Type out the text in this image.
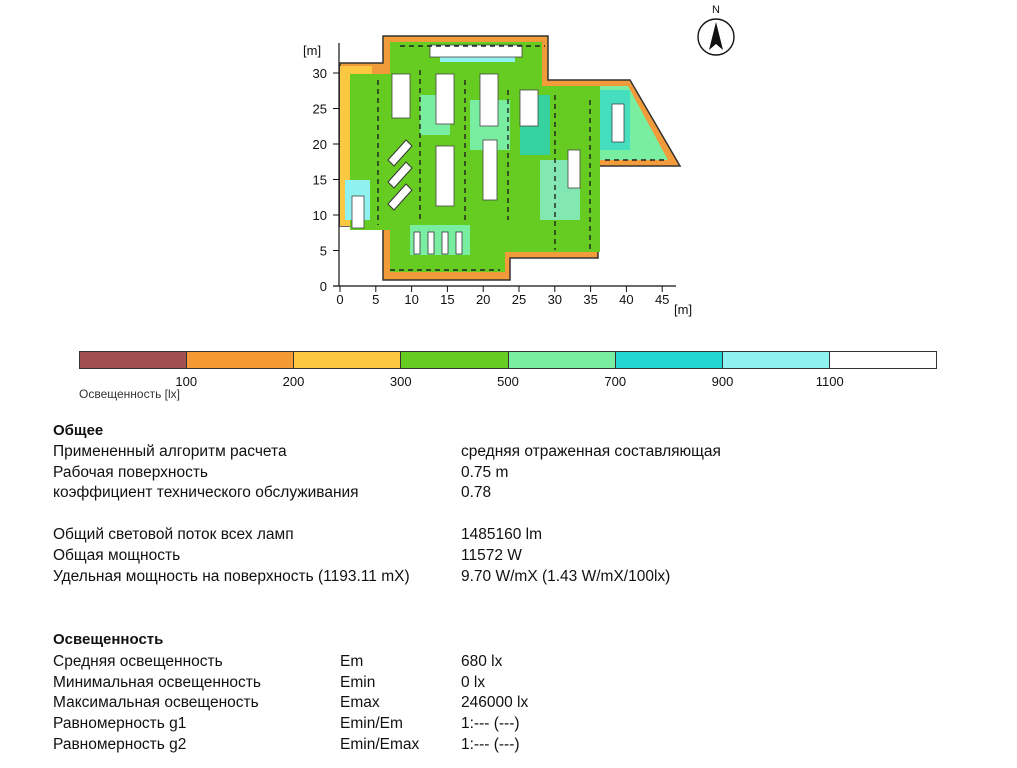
0
5
10
15
20
25
30
0 5 10 15 20 25 30 35 40 45
[m]
[m]
N
100	200	300	500	700	900	1100
Освещенность [lx]
Общее
Примененный алгоритм расчета	средняя отраженная составляющая
Рабочая поверхность	0.75 m
коэффициент технического обслуживания	0.78
Общий световой поток всех ламп	1485160 lm
Общая мощность	11572 W
Удельная мощность на поверхность (1193.11 mX)	9.70 W/mX (1.43 W/mX/100lx)
Освещенность
Средняя освещенность	Em	680 lx
Минимальная освещенность	Emin	0 lx
Максимальная освещеность	Emax	246000 lx
Равномерность g1	Emin/Em	1:--- (---)
Равномерность g2	Emin/Emax	1:--- (---)
